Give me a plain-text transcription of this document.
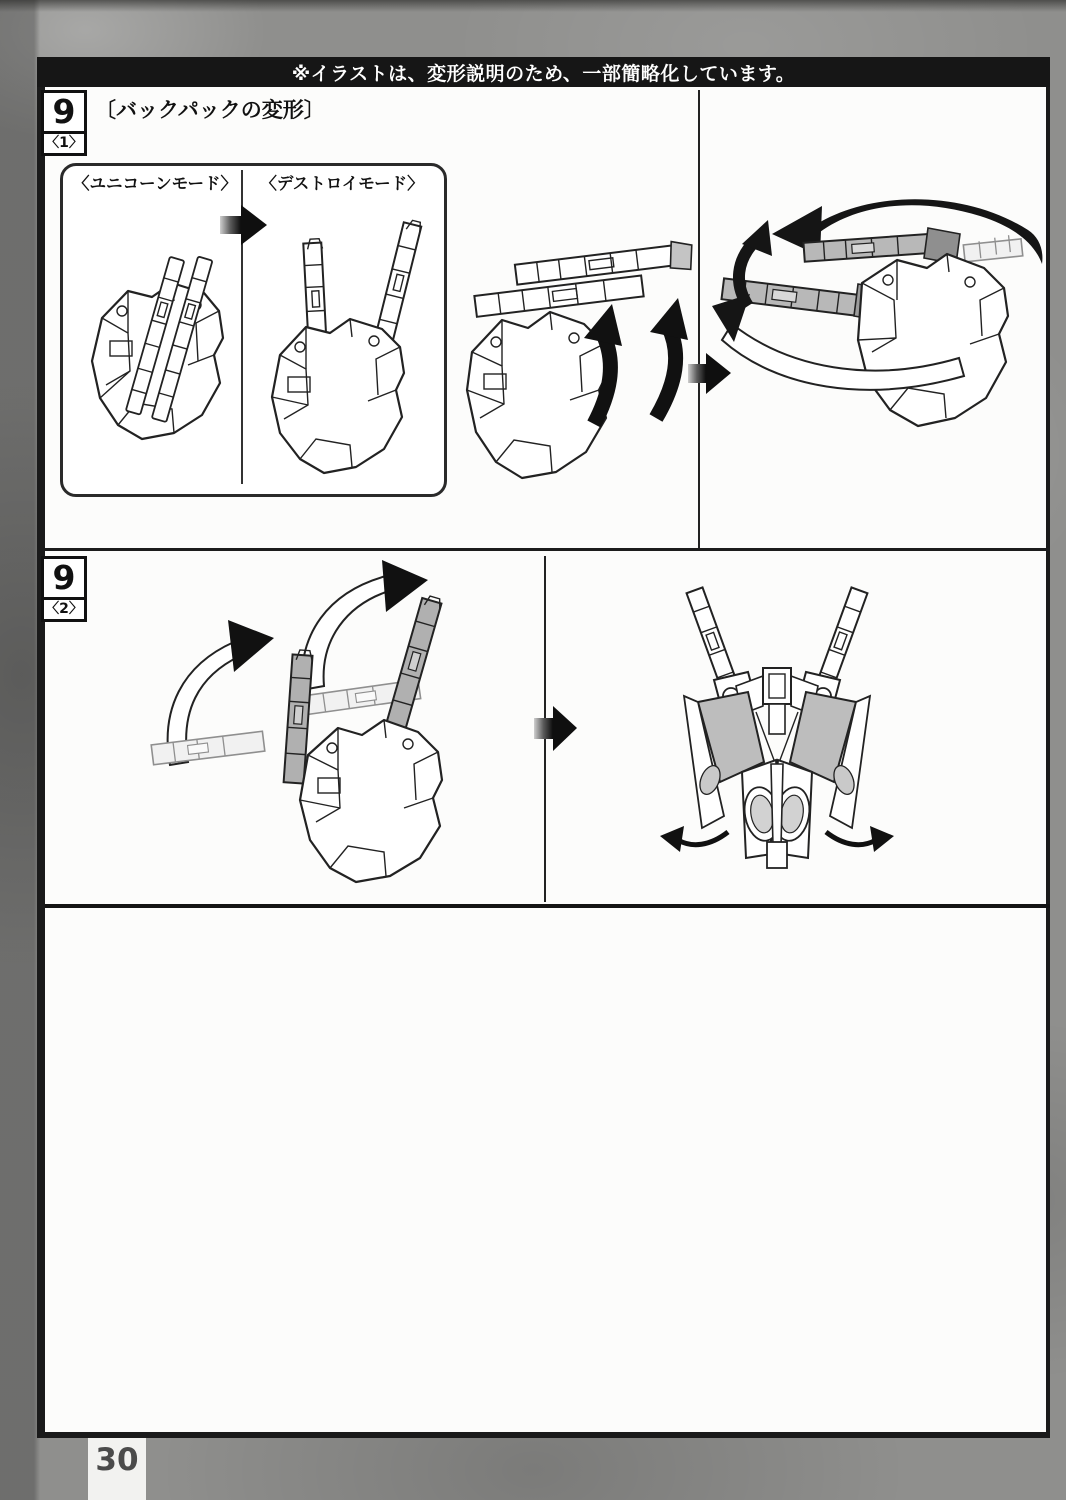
※イラストは、変形説明のため、一部簡略化しています。
9
〈1〉
〔バックパックの変形〕
〈ユニコーンモード〉	〈デストロイモード〉
9
〈2〉
30
